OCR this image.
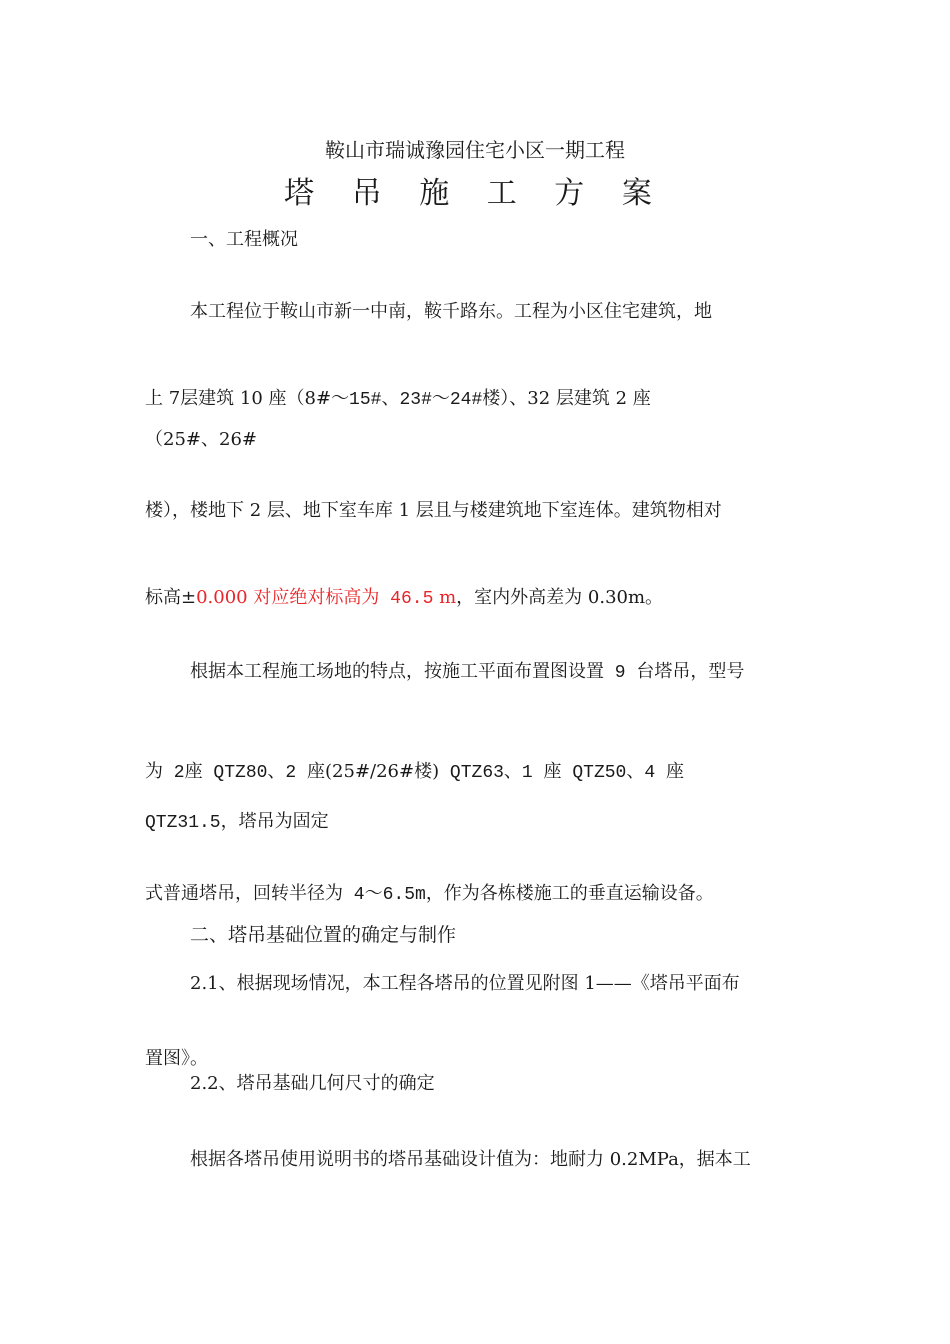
鞍山市瑞诚豫园住宅小区一期工程
塔 吊 施 工 方 案
一、工程概况
本工程位于鞍山市新一中南，鞍千路东。工程为小区住宅建筑，地
上 7层建筑 10 座（8#～15#、23#～24#楼）、32 层建筑 2 座
（25#、26#
楼），楼地下 2 层、地下室车库 1 层且与楼建筑地下室连体。建筑物相对
标高±0.000 对应绝对标高为 46.5 m，室内外高差为 0.30m。
根据本工程施工场地的特点，按施工平面布置图设置 9 台塔吊，型号
为 2座 QTZ80、2 座(25#/26#楼) QTZ63、1 座 QTZ50、4 座
QTZ31.5，塔吊为固定
式普通塔吊，回转半径为 4～6.5m，作为各栋楼施工的垂直运输设备。
二、塔吊基础位置的确定与制作
2.1、根据现场情况，本工程各塔吊的位置见附图 1——《塔吊平面布
置图》。
2.2、塔吊基础几何尺寸的确定
根据各塔吊使用说明书的塔吊基础设计值为：地耐力 0.2MPa，据本工
